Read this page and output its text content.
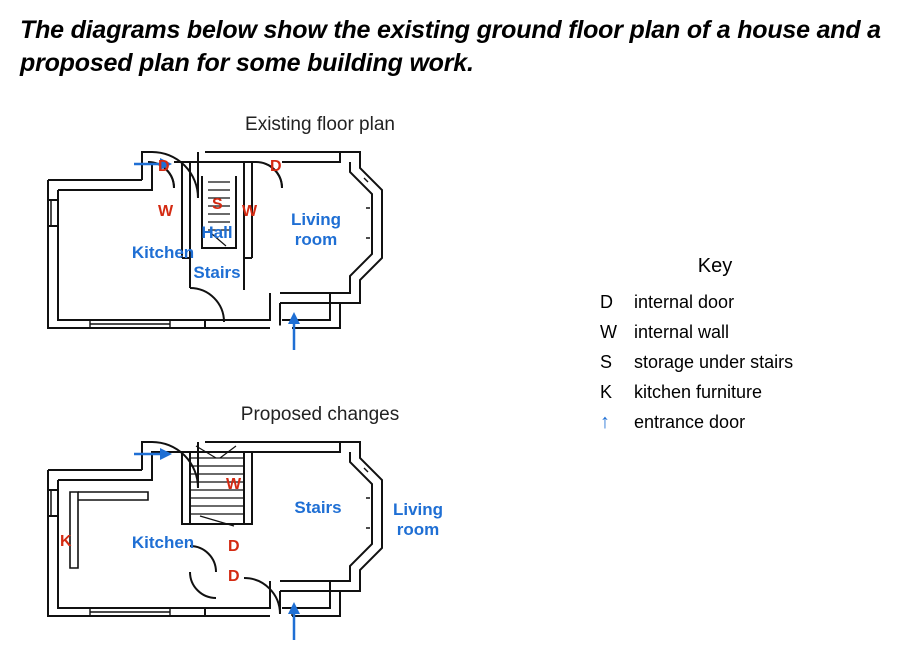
The diagrams below show the existing ground floor plan of a house and a proposed plan for some building work.
Existing floor plan
Kitchen
Hall
Stairs
Living
room
D	D
W S W
Proposed changes
Kitchen
Stairs	Living
room
W
K	D
D
Key
D	internal door
W internal wall
S	storage under stairs
K	kitchen furniture
↑	entrance door
